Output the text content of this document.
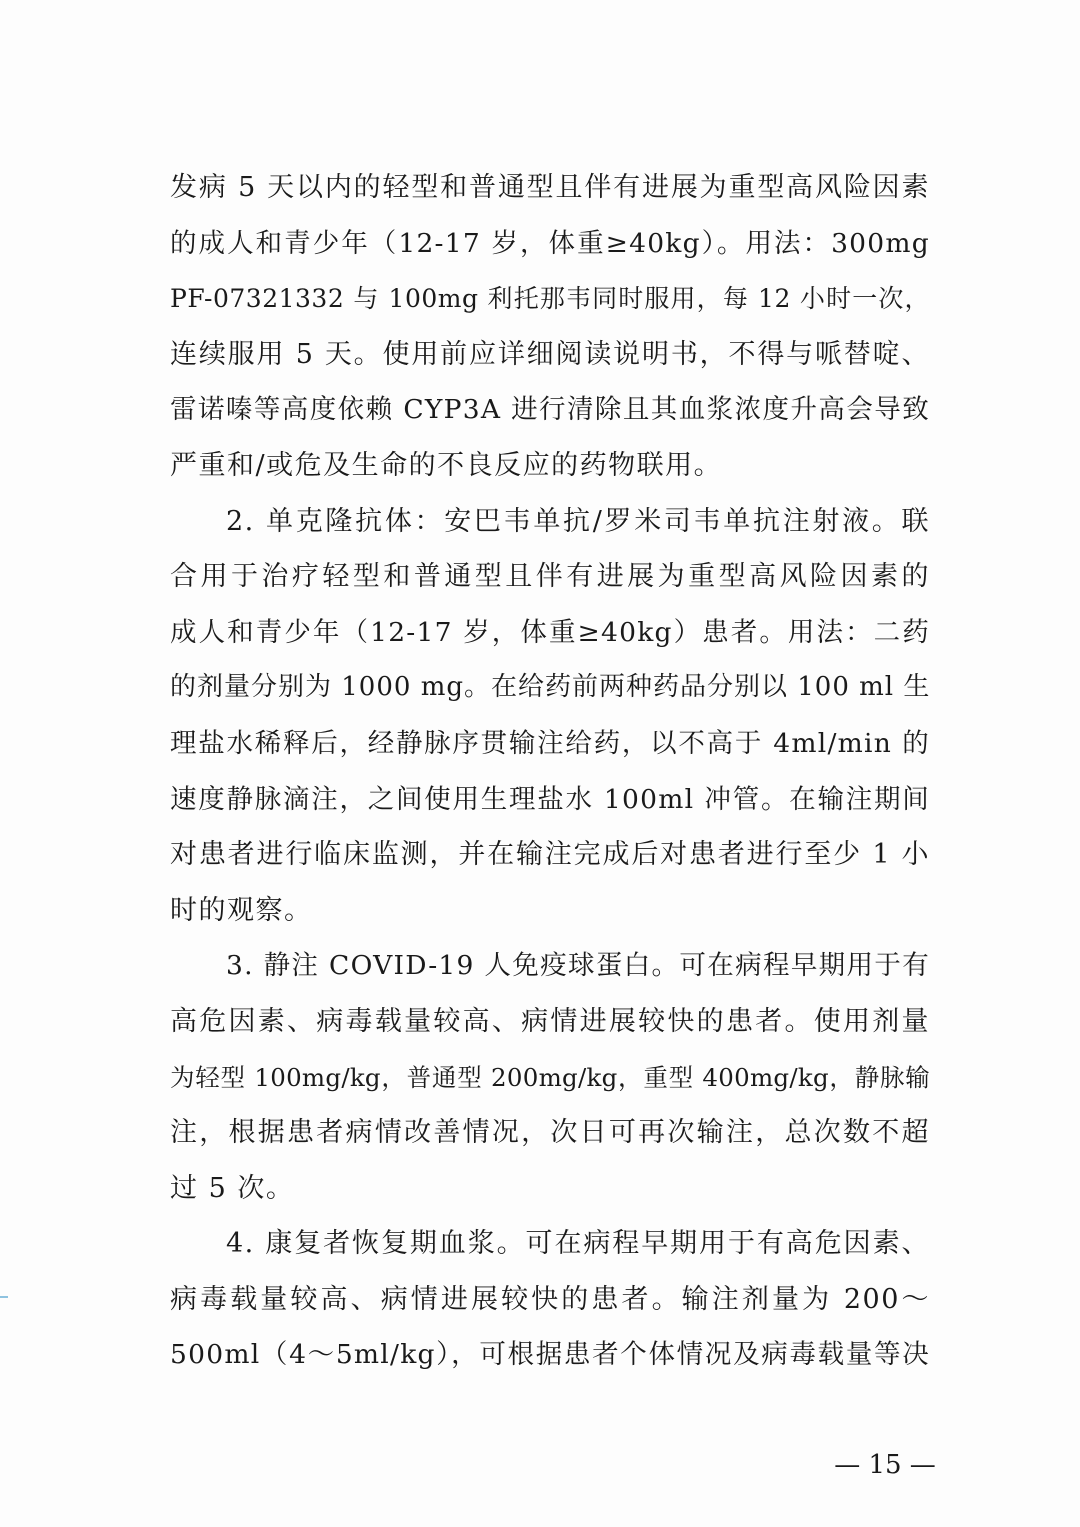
发病 5 天以内的轻型和普通型且伴有进展为重型高风险因素
的成人和青少年（12-17 岁，体重≥40kg）。用法：300mg
PF-07321332 与 100mg 利托那韦同时服用，每 12 小时一次，
连续服用 5 天。使用前应详细阅读说明书，不得与哌替啶、
雷诺嗪等高度依赖 CYP3A 进行清除且其血浆浓度升高会导致
严重和/或危及生命的不良反应的药物联用。
2. 单克隆抗体：安巴韦单抗/罗米司韦单抗注射液。联
合用于治疗轻型和普通型且伴有进展为重型高风险因素的
成人和青少年（12-17 岁，体重≥40kg）患者。用法：二药
的剂量分别为 1000 mg。在给药前两种药品分别以 100 ml 生
理盐水稀释后，经静脉序贯输注给药，以不高于 4ml/min 的
速度静脉滴注，之间使用生理盐水 100ml 冲管。在输注期间
对患者进行临床监测，并在输注完成后对患者进行至少 1 小
时的观察。
3. 静注 COVID-19 人免疫球蛋白。可在病程早期用于有
高危因素、病毒载量较高、病情进展较快的患者。使用剂量
为轻型 100mg/kg，普通型 200mg/kg，重型 400mg/kg，静脉输
注，根据患者病情改善情况，次日可再次输注，总次数不超
过 5 次。
4. 康复者恢复期血浆。可在病程早期用于有高危因素、
病毒载量较高、病情进展较快的患者。输注剂量为 200～
500ml（4～5ml/kg），可根据患者个体情况及病毒载量等决
— 15 —
